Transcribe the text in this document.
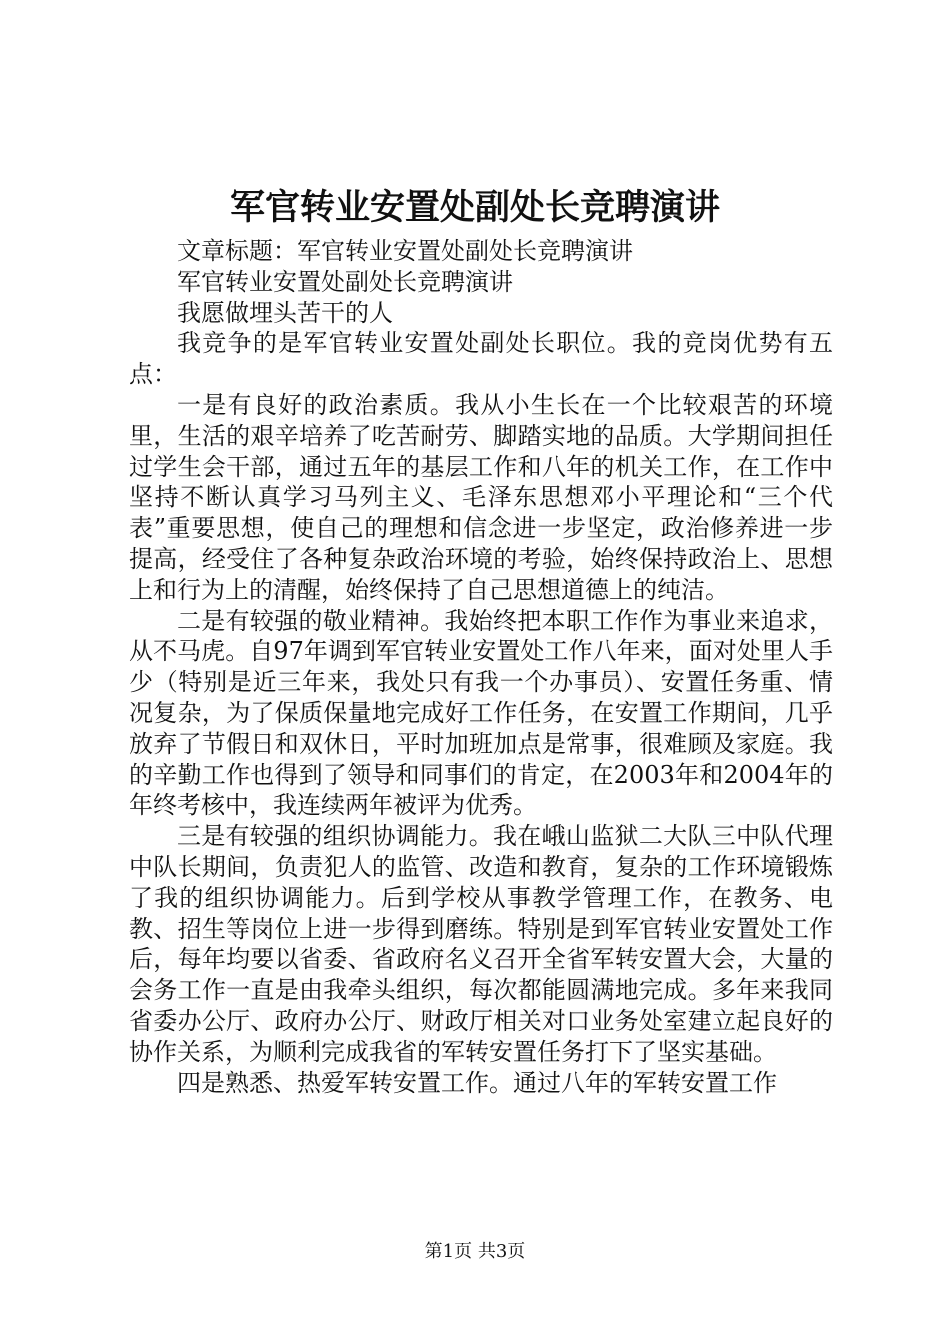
军官转业安置处副处长竞聘演讲

文章标题：军官转业安置处副处长竞聘演讲

军官转业安置处副处长竞聘演讲

我愿做埋头苦干的人

我竞争的是军官转业安置处副处长职位。我的竞岗优势有五点：

一是有良好的政治素质。我从小生长在一个比较艰苦的环境里，生活的艰辛培养了吃苦耐劳、脚踏实地的品质。大学期间担任过学生会干部，通过五年的基层工作和八年的机关工作，在工作中坚持不断认真学习马列主义、毛泽东思想邓小平理论和“三个代表”重要思想，使自己的理想和信念进一步坚定，政治修养进一步提高，经受住了各种复杂政治环境的考验，始终保持政治上、思想上和行为上的清醒，始终保持了自己思想道德上的纯洁。

二是有较强的敬业精神。我始终把本职工作作为事业来追求，从不马虎。自97年调到军官转业安置处工作八年来，面对处里人手少（特别是近三年来，我处只有我一个办事员）、安置任务重、情况复杂，为了保质保量地完成好工作任务，在安置工作期间，几乎放弃了节假日和双休日，平时加班加点是常事，很难顾及家庭。我的辛勤工作也得到了领导和同事们的肯定，在2003年和2004年的年终考核中，我连续两年被评为优秀。

三是有较强的组织协调能力。我在峨山监狱二大队三中队代理中队长期间，负责犯人的监管、改造和教育，复杂的工作环境锻炼了我的组织协调能力。后到学校从事教学管理工作，在教务、电教、招生等岗位上进一步得到磨练。特别是到军官转业安置处工作后，每年均要以省委、省政府名义召开全省军转安置大会，大量的会务工作一直是由我牵头组织，每次都能圆满地完成。多年来我同省委办公厅、政府办公厅、财政厅相关对口业务处室建立起良好的协作关系，为顺利完成我省的军转安置任务打下了坚实基础。

四是熟悉、热爱军转安置工作。通过八年的军转安置工作

第1页 共3页
